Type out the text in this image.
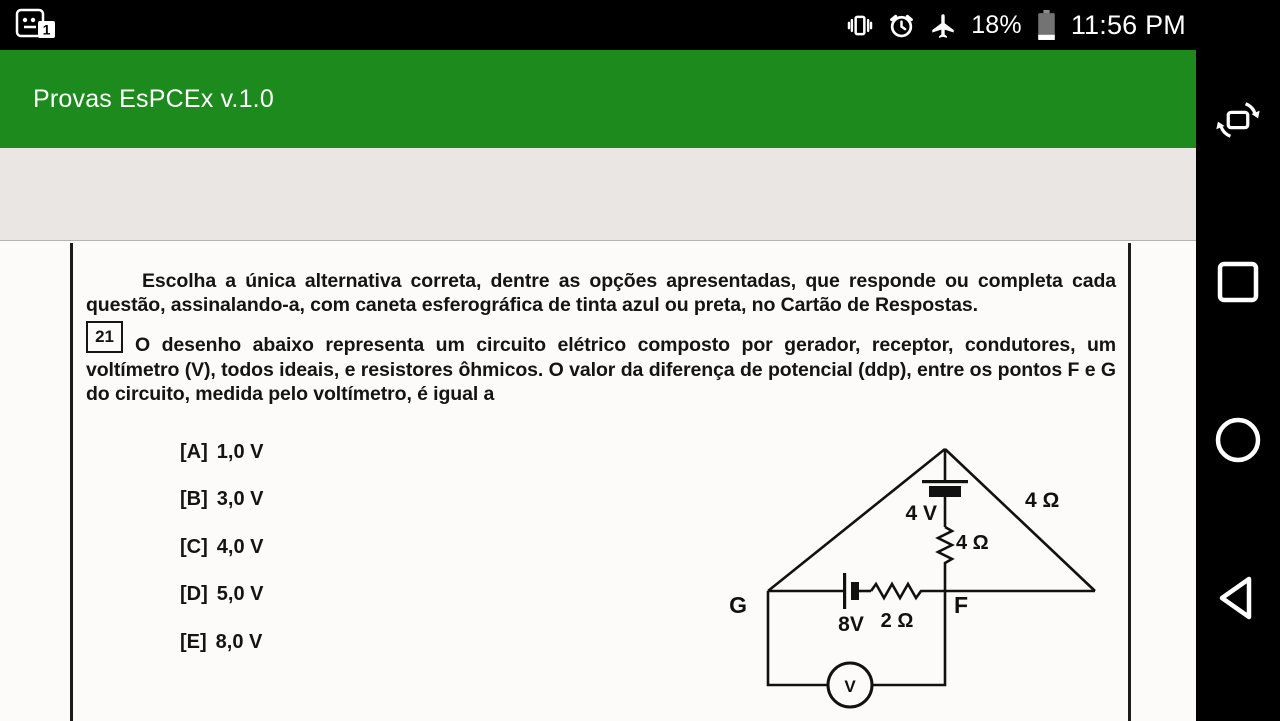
1	18% 11:56 PM
Provas EsPCEx v.1.0

Escolha a única alternativa correta, dentre as opções apresentadas, que responde ou completa cada questão, assinalando-a, com caneta esferográfica de tinta azul ou preta, no Cartão de Respostas.

21	O desenho abaixo representa um circuito elétrico composto por gerador, receptor, condutores, um voltímetro (V), todos ideais, e resistores ôhmicos. O valor da diferença de potencial (ddp), entre os pontos F e G do circuito, medida pelo voltímetro, é igual a
[A] 1,0 V
[B] 3,0 V
[C] 4,0 V
[D] 5,0 V
[E] 8,0 V
4 V
4 Ω
4 Ω
8V 2 Ω
G	F
V
